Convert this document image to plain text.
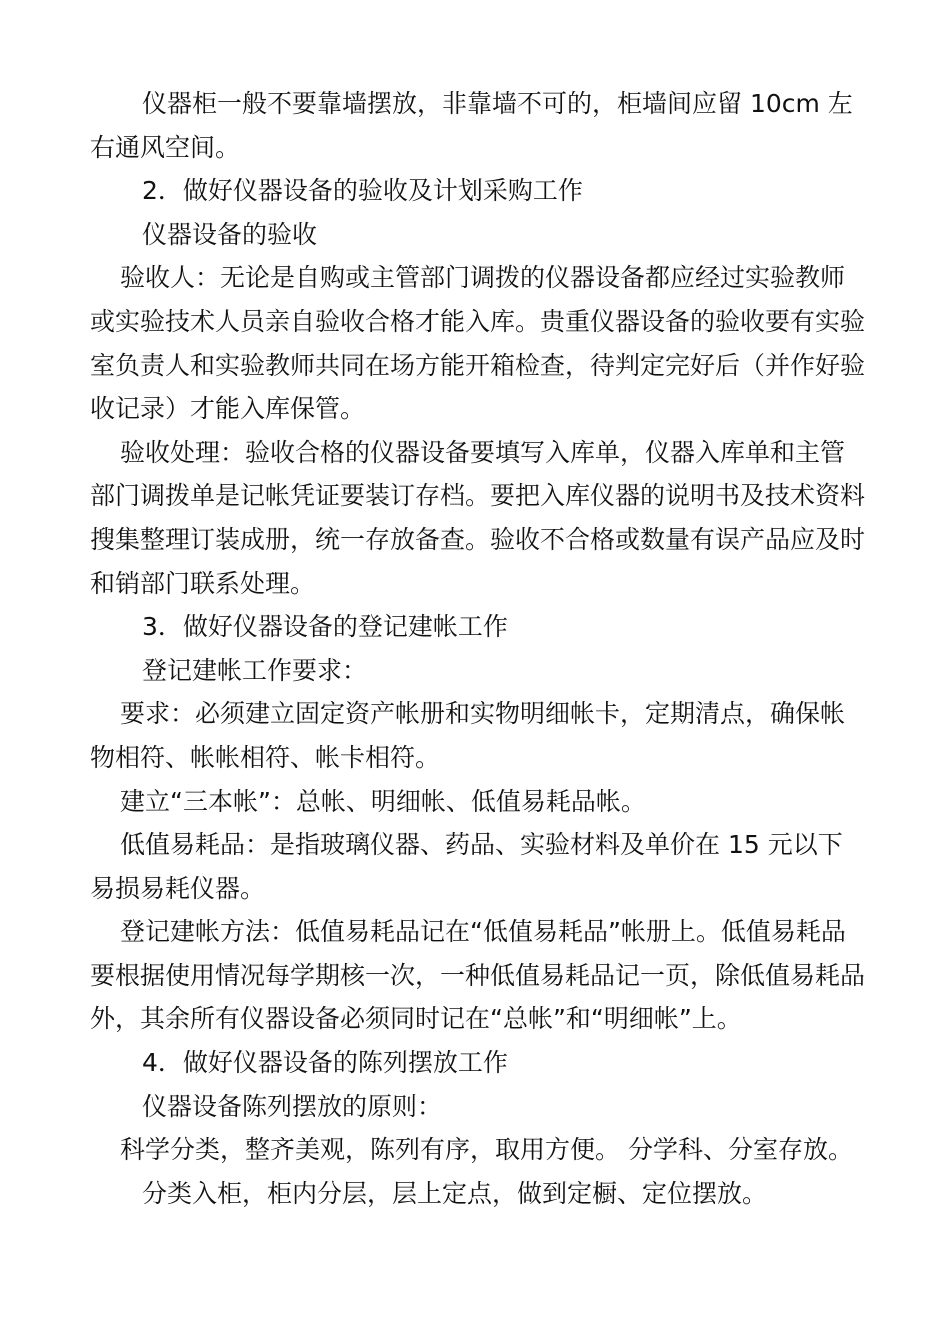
仪器柜一般不要靠墙摆放，非靠墙不可的，柜墙间应留 10cm 左右通风空间。

2．做好仪器设备的验收及计划采购工作

仪器设备的验收

验收人：无论是自购或主管部门调拨的仪器设备都应经过实验教师或实验技术人员亲自验收合格才能入库。贵重仪器设备的验收要有实验室负责人和实验教师共同在场方能开箱检查，待判定完好后（并作好验收记录）才能入库保管。

验收处理：验收合格的仪器设备要填写入库单，仪器入库单和主管部门调拨单是记帐凭证要装订存档。要把入库仪器的说明书及技术资料搜集整理订装成册，统一存放备查。验收不合格或数量有误产品应及时和销部门联系处理。

3．做好仪器设备的登记建帐工作

登记建帐工作要求：

要求：必须建立固定资产帐册和实物明细帐卡，定期清点，确保帐物相符、帐帐相符、帐卡相符。

建立“三本帐”：总帐、明细帐、低值易耗品帐。

低值易耗品：是指玻璃仪器、药品、实验材料及单价在 15 元以下易损易耗仪器。

登记建帐方法：低值易耗品记在“低值易耗品”帐册上。低值易耗品要根据使用情况每学期核一次，一种低值易耗品记一页，除低值易耗品外，其余所有仪器设备必须同时记在“总帐”和“明细帐”上。

4．做好仪器设备的陈列摆放工作

仪器设备陈列摆放的原则：

科学分类，整齐美观，陈列有序，取用方便。 分学科、分室存放。

分类入柜，柜内分层，层上定点，做到定橱、定位摆放。
